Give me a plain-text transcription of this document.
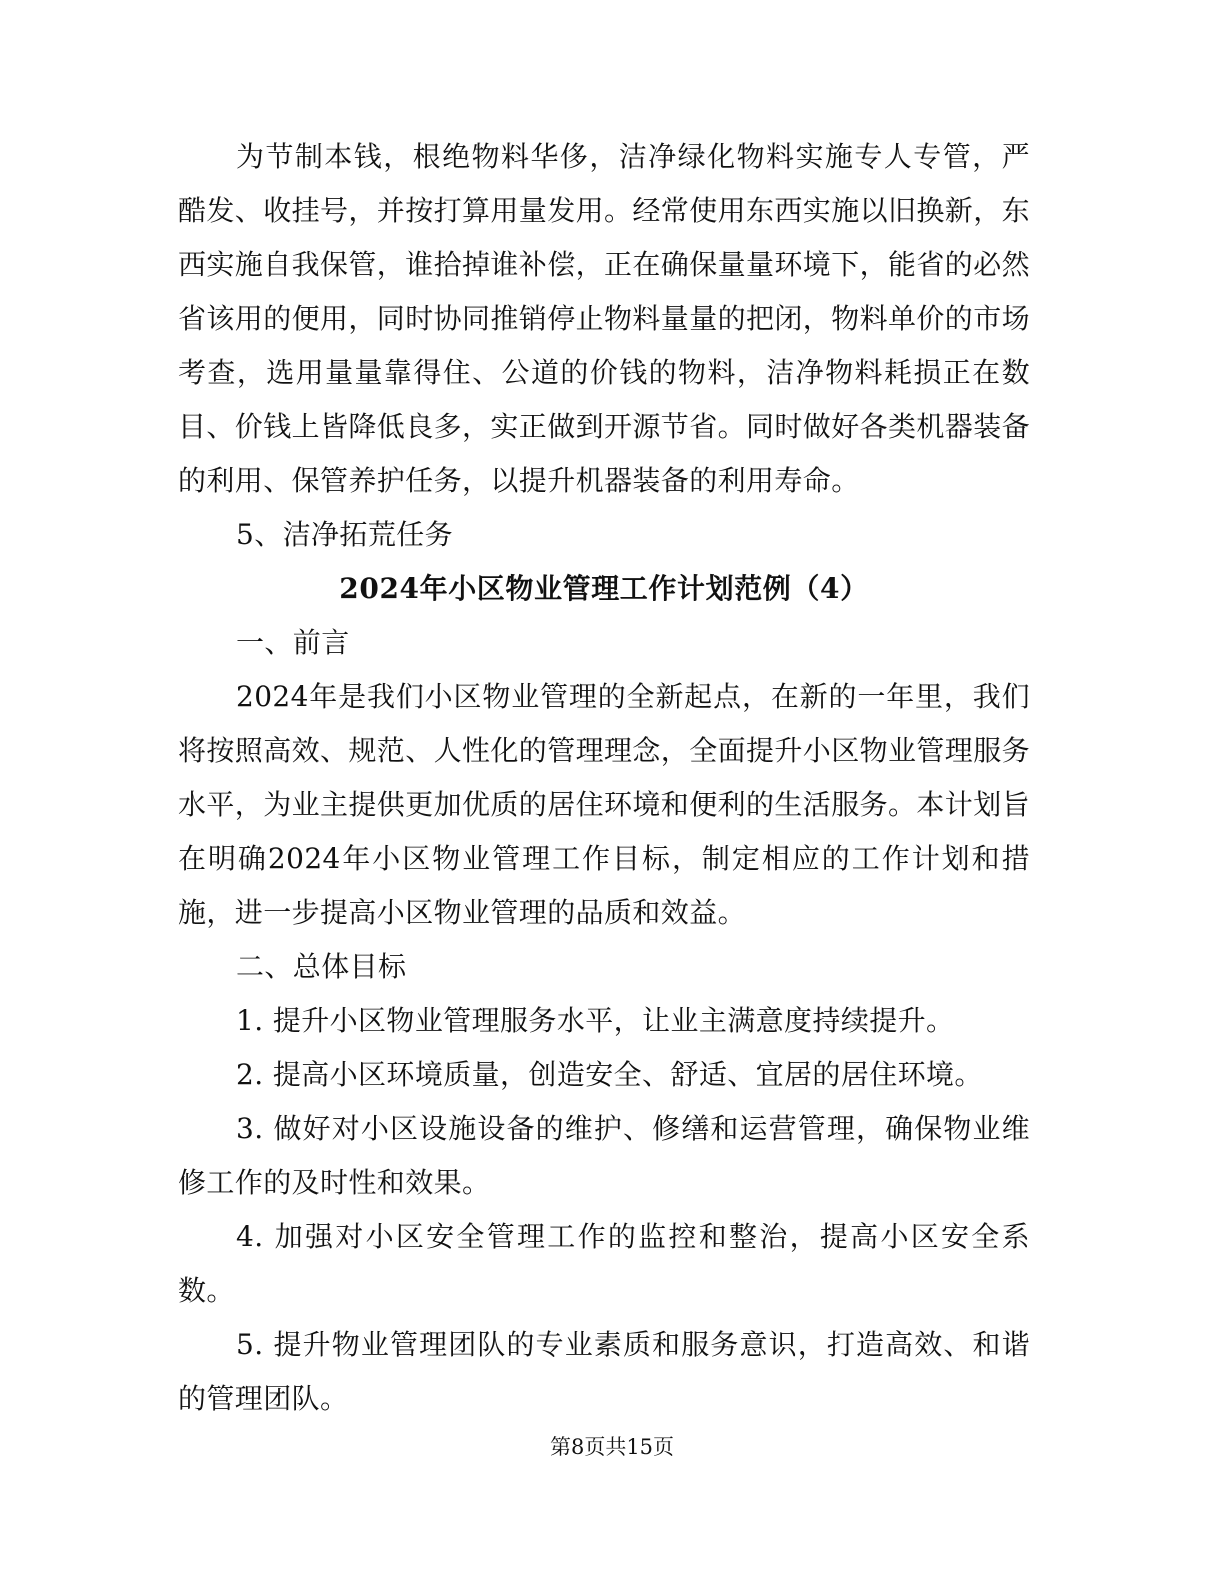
为节制本钱，根绝物料华侈，洁净绿化物料实施专人专管，严酷发、收挂号，并按打算用量发用。经常使用东西实施以旧换新，东西实施自我保管，谁拾掉谁补偿，正在确保量量环境下，能省的必然省该用的便用，同时协同推销停止物料量量的把闭，物料单价的市场考查，选用量量靠得住、公道的价钱的物料，洁净物料耗损正在数目、价钱上皆降低良多，实正做到开源节省。同时做好各类机器装备的利用、保管养护任务，以提升机器装备的利用寿命。

5、洁净拓荒任务

2024年小区物业管理工作计划范例（4）

一、前言

2024年是我们小区物业管理的全新起点，在新的一年里，我们将按照高效、规范、人性化的管理理念，全面提升小区物业管理服务水平，为业主提供更加优质的居住环境和便利的生活服务。本计划旨在明确2024年小区物业管理工作目标，制定相应的工作计划和措施，进一步提高小区物业管理的品质和效益。

二、总体目标

1. 提升小区物业管理服务水平，让业主满意度持续提升。

2. 提高小区环境质量，创造安全、舒适、宜居的居住环境。

3. 做好对小区设施设备的维护、修缮和运营管理，确保物业维修工作的及时性和效果。

4. 加强对小区安全管理工作的监控和整治，提高小区安全系数。

5. 提升物业管理团队的专业素质和服务意识，打造高效、和谐的管理团队。

第8页共15页
